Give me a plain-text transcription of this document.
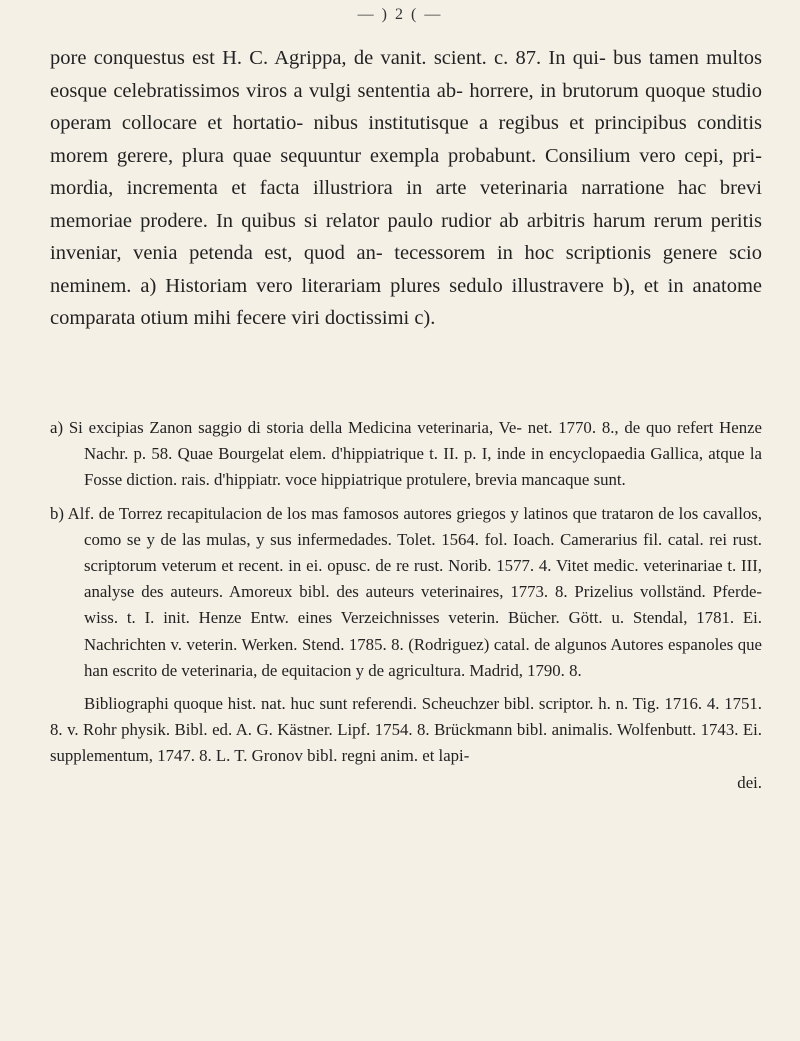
— ) 2 ( —

pore conquestus est H. C. Agrippa, de vanit. scient. c. 87. In qui- bus tamen multos eosque celebratissimos viros a vulgi sententia ab- horrere, in brutorum quoque studio operam collocare et hortatio- nibus institutisque a regibus et principibus conditis morem gerere, plura quae sequuntur exempla probabunt. Consilium vero cepi, pri- mordia, incrementa et facta illustriora in arte veterinaria narratione hac brevi memoriae prodere. In quibus si relator paulo rudior ab arbitris harum rerum peritis inveniar, venia petenda est, quod an- tecessorem in hoc scriptionis genere scio neminem. a) Historiam vero literariam plures sedulo illustravere b), et in anatome comparata otium mihi fecere viri doctissimi c).

a) Si excipias Zanon saggio di storia della Medicina veterinaria, Ve- net. 1770. 8., de quo refert Henze Nachr. p. 58. Quae Bourgelat elem. d'hippiatrique t. II. p. I, inde in encyclopaedia Gallica, atque la Fosse diction. rais. d'hippiatr. voce hippiatrique protulere, brevia mancaque sunt.

b) Alf. de Torrez recapitulacion de los mas famosos autores griegos y latinos que trataron de los cavallos, como se y de las mulas, y sus infermedades. Tolet. 1564. fol. Ioach. Camerarius fil. catal. rei rust. scriptorum veterum et recent. in ei. opusc. de re rust. Norib. 1577. 4. Vitet medic. veterinariae t. III, analyse des auteurs. Amoreux bibl. des auteurs veterinaires, 1773. 8. Prizelius vollständ. Pferde- wiss. t. I. init. Henze Entw. eines Verzeichnisses veterin. Bücher. Gött. u. Stendal, 1781. Ei. Nachrichten v. veterin. Werken. Stend. 1785. 8. (Rodriguez) catal. de algunos Autores espanoles que han escrito de veterinaria, de equitacion y de agricultura. Madrid, 1790. 8.

Bibliographi quoque hist. nat. huc sunt referendi. Scheuchzer bibl. scriptor. h. n. Tig. 1716. 4. 1751. 8. v. Rohr physik. Bibl. ed. A. G. Kästner. Lipf. 1754. 8. Brückmann bibl. animalis. Wolfenbutt. 1743. Ei. supplementum, 1747. 8. L. T. Gronov bibl. regni anim. et lapi-

dei.
